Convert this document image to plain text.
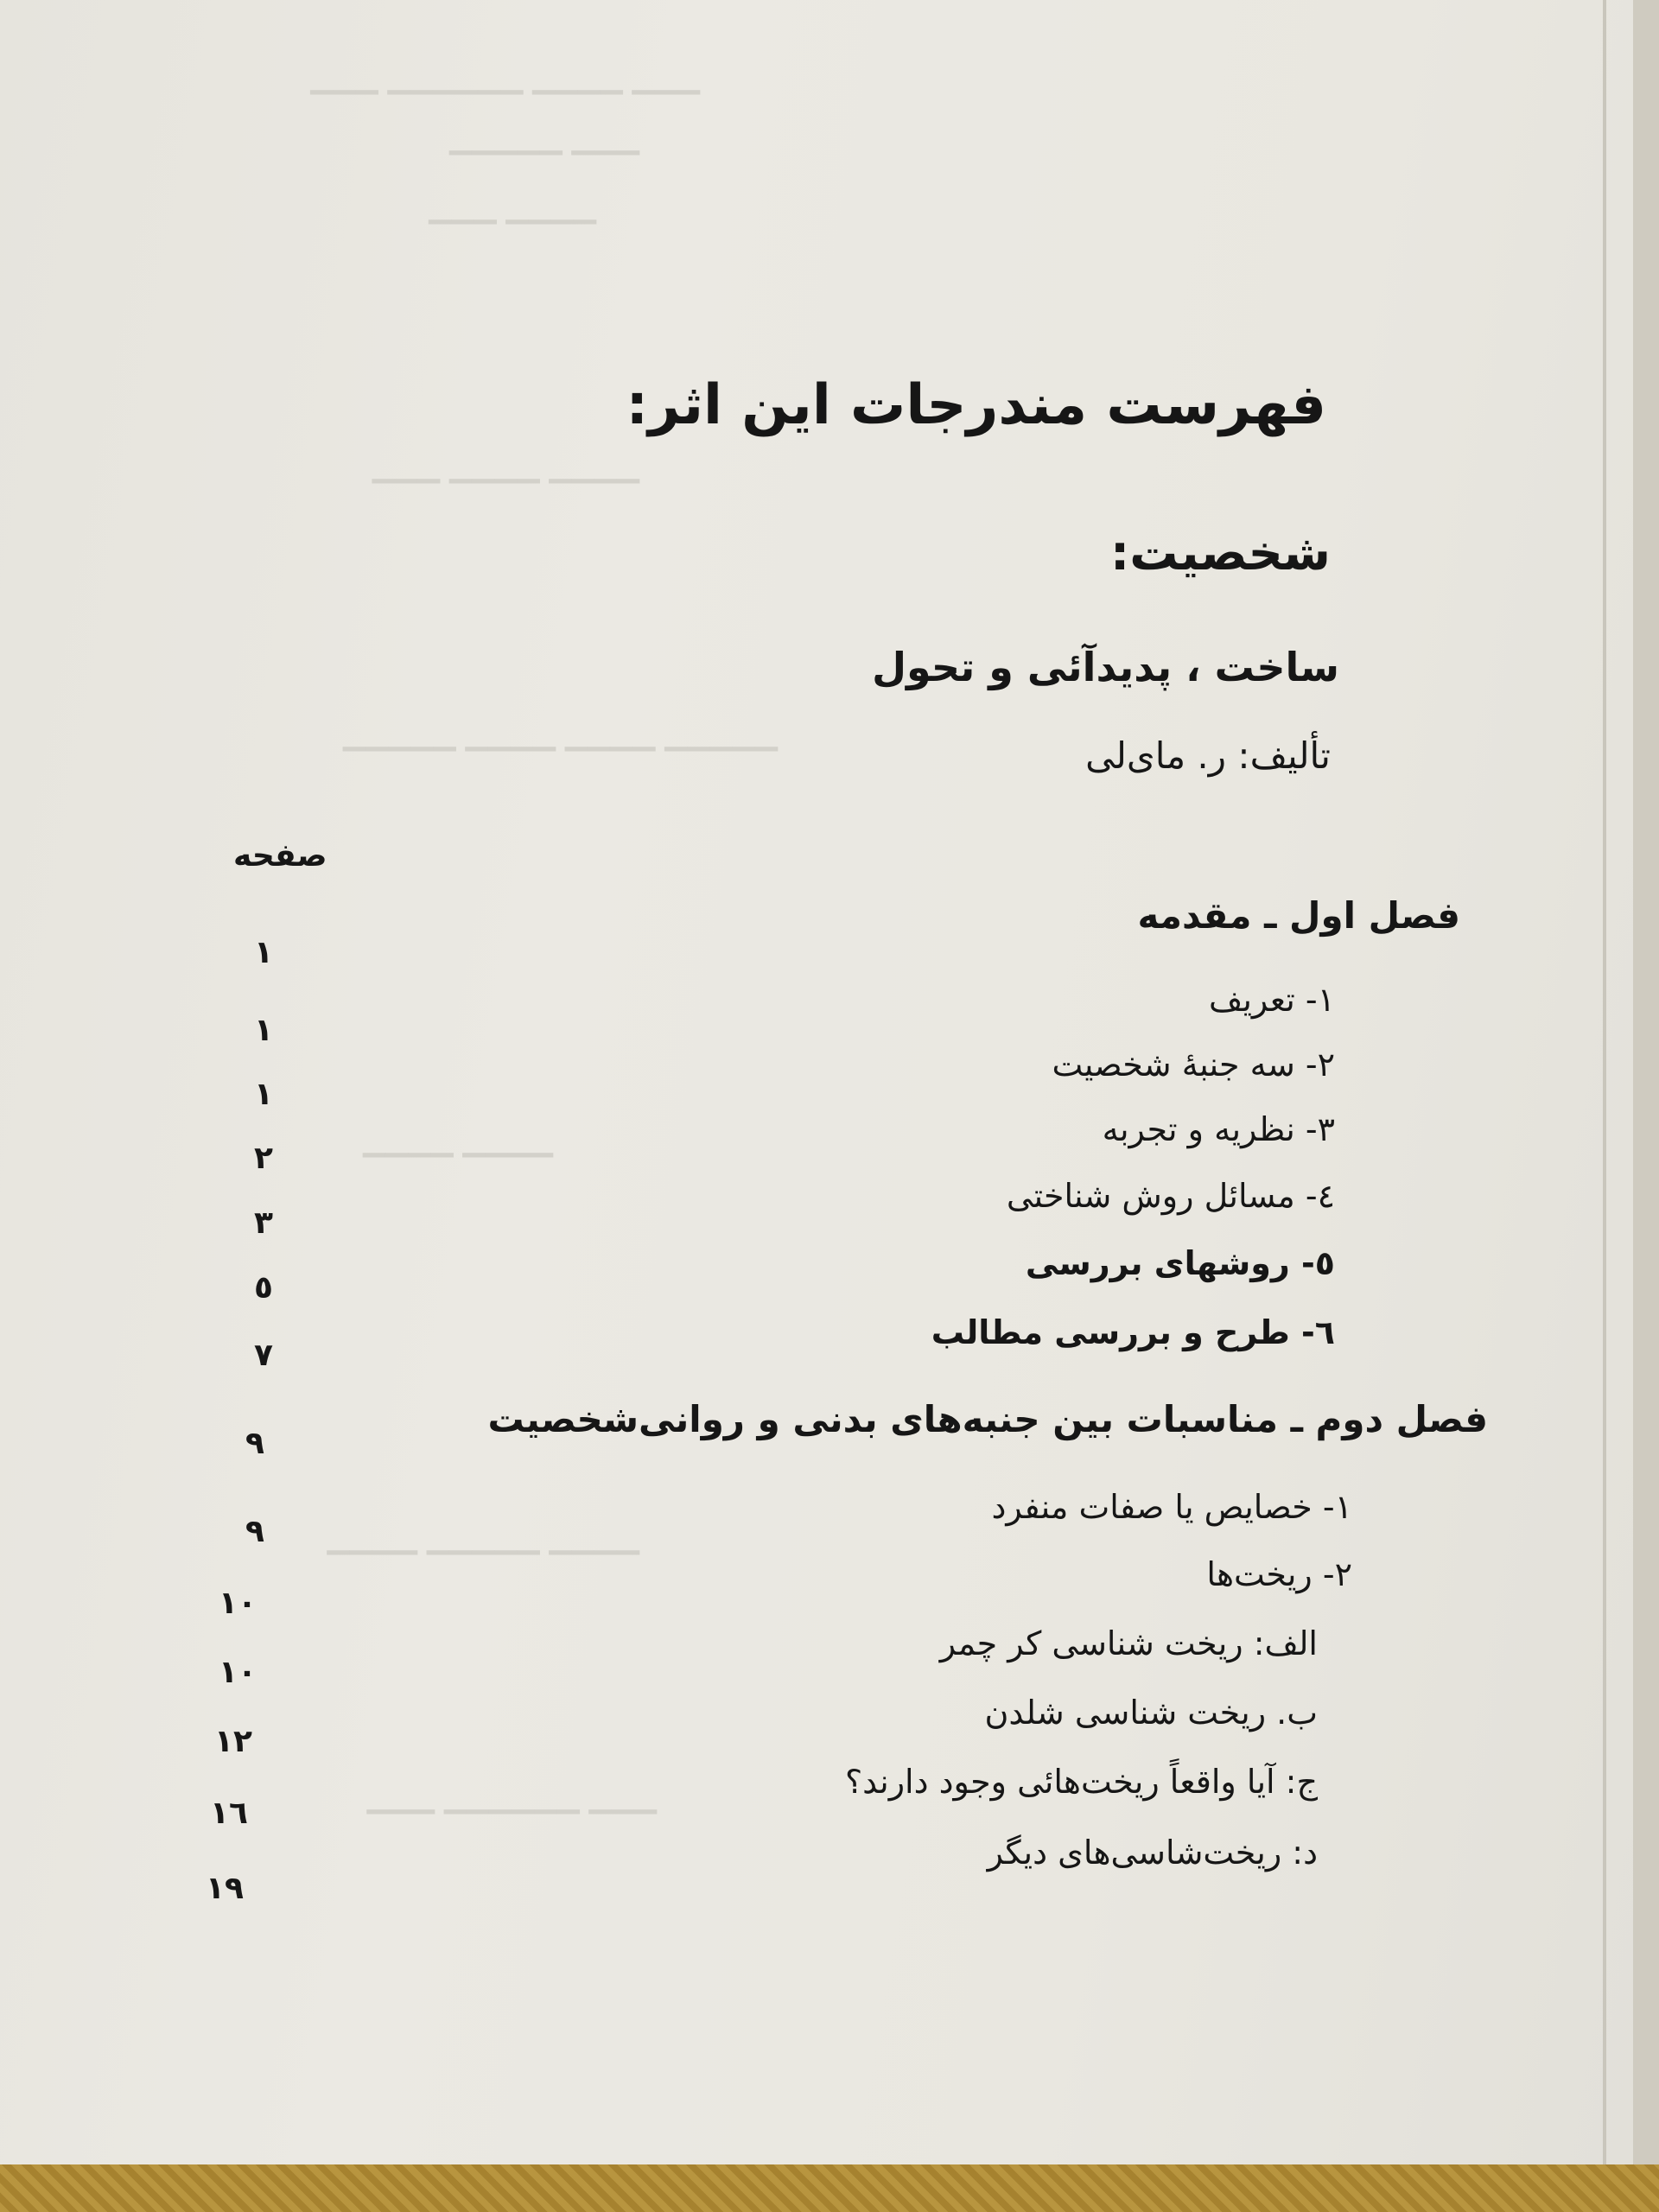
▁▁▁ ▁▁▁▁ ▁▁▁▁▁▁ ▁▁▁
▁▁▁ ▁▁▁▁▁
▁▁▁▁ ▁▁▁
▁▁▁▁ ▁▁▁▁ ▁▁▁
▁▁▁▁▁ ▁▁▁▁ ▁▁▁▁ ▁▁▁▁▁
▁▁▁▁ ▁▁▁▁
▁▁▁▁ ▁▁▁▁▁ ▁▁▁▁
▁▁▁ ▁▁▁▁▁▁ ▁▁▁
فهرست مندرجات این اثر:
شخصیت:
ساخت ، پدیدآئی و تحول
تألیف: ر. مای‌لی
صفحه
فصل اول ـ مقدمه
۱- تعریف
۲- سه جنبهٔ شخصیت
۳- نظریه و تجربه
٤- مسائل روش شناختی
٥- روشهای بررسی
٦- طرح و بررسی مطالب
فصل دوم ـ مناسبات بین جنبه‌های بدنی و روانی‌شخصیت
۱- خصایص یا صفات منفرد
۲- ریخت‌ها
الف: ریخت شناسی کر چمر
ب. ریخت شناسی شلدن
ج: آیا واقعاً ریخت‌هائی وجود دارند؟
د: ریخت‌شاسی‌های دیگر
۱
۱
۱
۲
۳
٥
۷
۹
۹
۱۰
۱۰
۱۲
۱٦
۱۹
